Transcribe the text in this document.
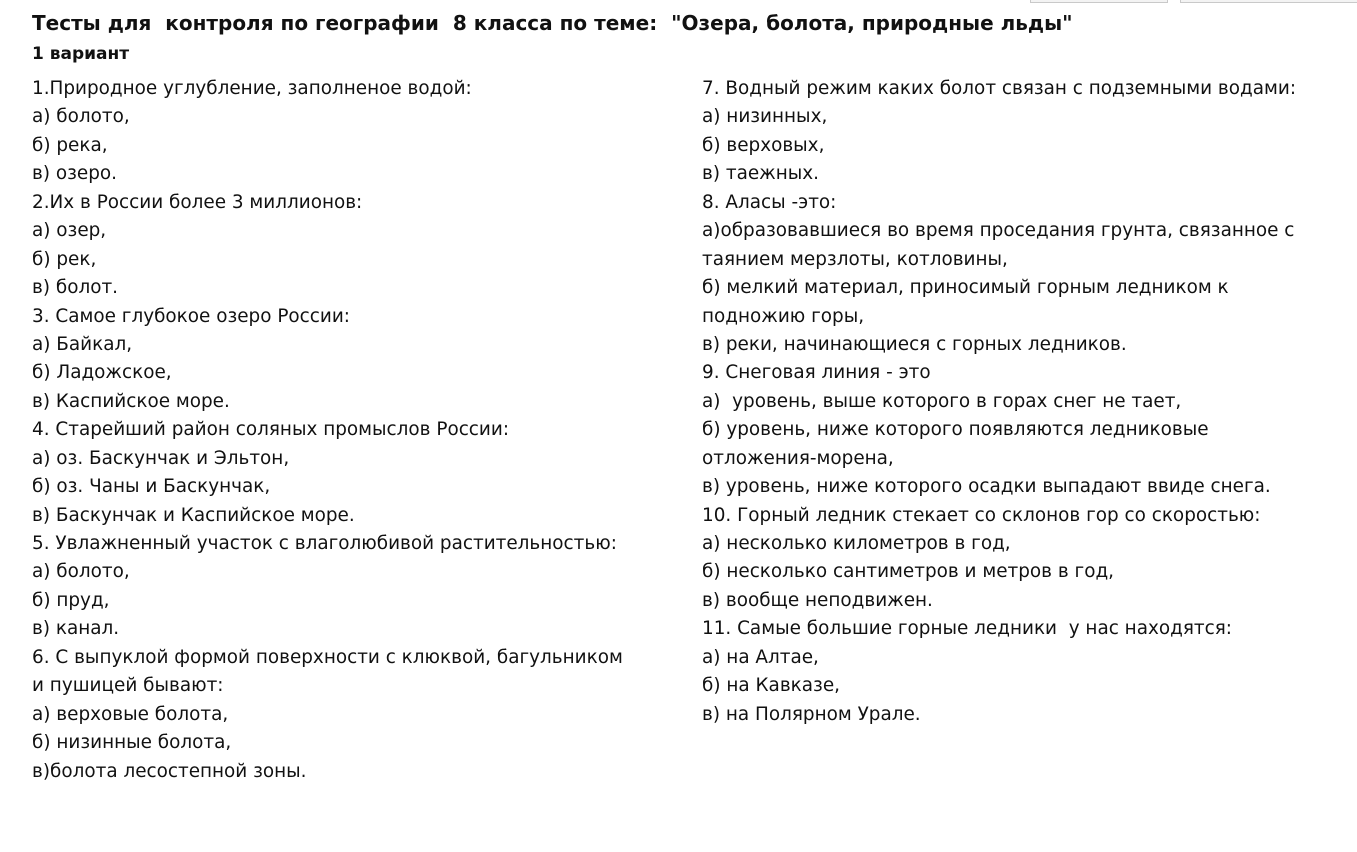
Тесты для  контроля по географии  8 класса по теме:  "Озера, болота, природные льды"
1 вариант
1.Природное углубление, заполненое водой:
а) болото,
б) река,
в) озеро.
2.Их в России более 3 миллионов:
а) озер,
б) рек,
в) болот.
3. Самое глубокое озеро России:
а) Байкал,
б) Ладожское,
в) Каспийское море.
4. Старейший район соляных промыслов России:
а) оз. Баскунчак и Эльтон,
б) оз. Чаны и Баскунчак,
в) Баскунчак и Каспийское море.
5. Увлажненный участок с влаголюбивой растительностью:
а) болото,
б) пруд,
в) канал.
6. С выпуклой формой поверхности с клюквой, багульником
и пушицей бывают:
а) верховые болота,
б) низинные болота,
в)болота лесостепной зоны.
7. Водный режим каких болот связан с подземными водами:
а) низинных,
б) верховых,
в) таежных.
8. Аласы -это:
а)образовавшиеся во время проседания грунта, связанное с
таянием мерзлоты, котловины,
б) мелкий материал, приносимый горным ледником к
подножию горы,
в) реки, начинающиеся с горных ледников.
9. Снеговая линия - это
а)  уровень, выше которого в горах снег не тает,
б) уровень, ниже которого появляются ледниковые
отложения-морена,
в) уровень, ниже которого осадки выпадают ввиде снега.
10. Горный ледник стекает со склонов гор со скоростью:
а) несколько километров в год,
б) несколько сантиметров и метров в год,
в) вообще неподвижен.
11. Самые большие горные ледники  у нас находятся:
а) на Алтае,
б) на Кавказе,
в) на Полярном Урале.
